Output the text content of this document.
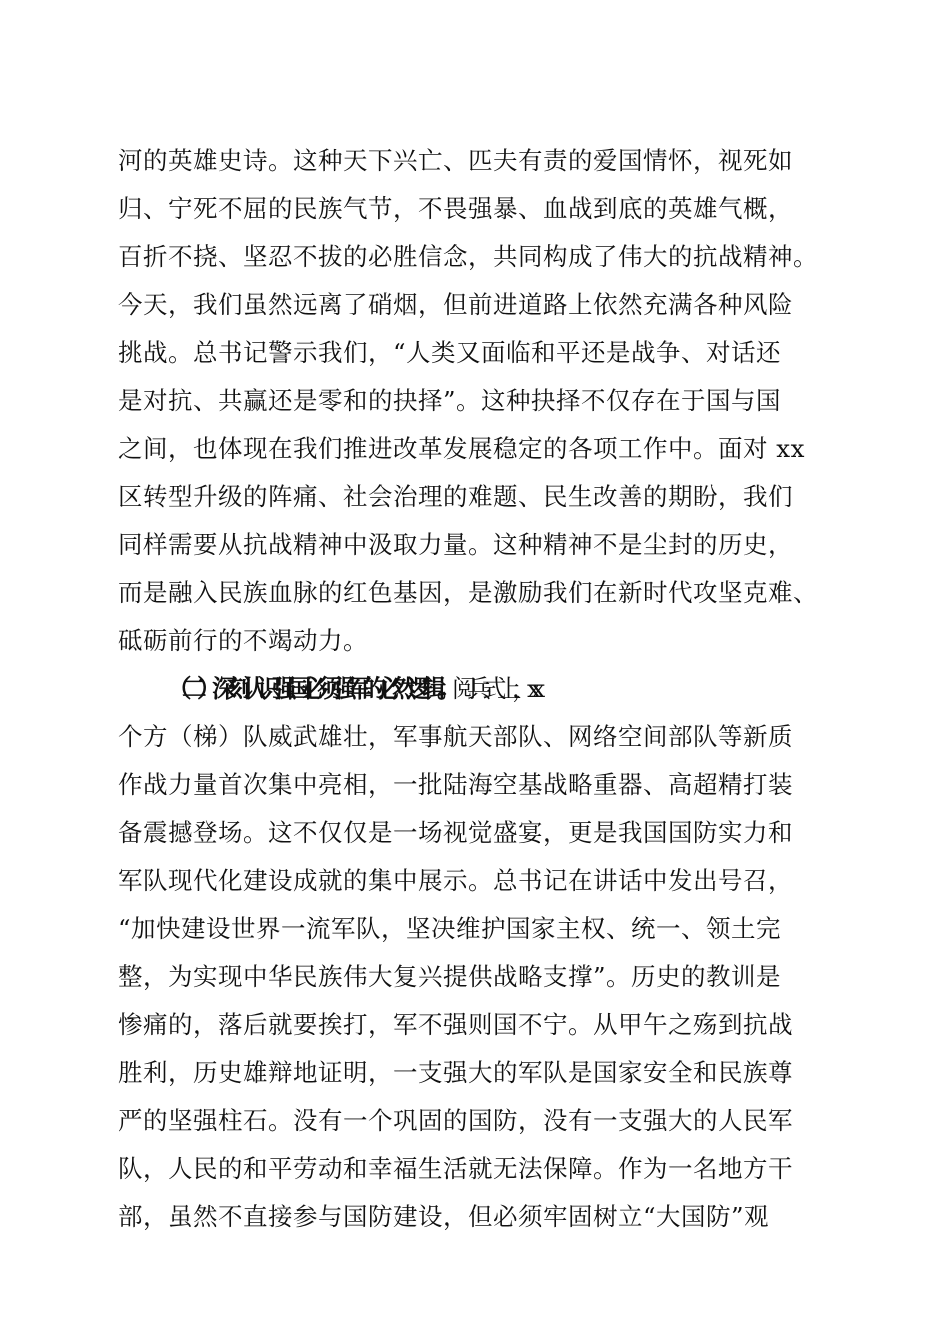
河的英雄史诗。这种天下兴亡、匹夫有责的爱国情怀，视死如
归、宁死不屈的民族气节，不畏强暴、血战到底的英雄气概，
百折不挠、坚忍不拔的必胜信念，共同构成了伟大的抗战精神。
今天，我们虽然远离了硝烟，但前进道路上依然充满各种风险
挑战。总书记警示我们，“人类又面临和平还是战争、对话还
是对抗、共赢还是零和的抉择”。这种抉择不仅存在于国与国
之间，也体现在我们推进改革发展稳定的各项工作中。面对 xx
区转型升级的阵痛、社会治理的难题、民生改善的期盼，我们
同样需要从抗战精神中汲取力量。这种精神不是尘封的历史，
而是融入民族血脉的红色基因，是激励我们在新时代攻坚克难、
砥砺前行的不竭动力。
（二）深刻认识强国必须强军的必然逻辑。阅兵式上，xx
个方（梯）队威武雄壮，军事航天部队、网络空间部队等新质
作战力量首次集中亮相，一批陆海空基战略重器、高超精打装
备震撼登场。这不仅仅是一场视觉盛宴，更是我国国防实力和
军队现代化建设成就的集中展示。总书记在讲话中发出号召，
“加快建设世界一流军队，坚决维护国家主权、统一、领土完
整，为实现中华民族伟大复兴提供战略支撑”。历史的教训是
惨痛的，落后就要挨打，军不强则国不宁。从甲午之殇到抗战
胜利，历史雄辩地证明，一支强大的军队是国家安全和民族尊
严的坚强柱石。没有一个巩固的国防，没有一支强大的人民军
队，人民的和平劳动和幸福生活就无法保障。作为一名地方干
部，虽然不直接参与国防建设，但必须牢固树立“大国防”观
